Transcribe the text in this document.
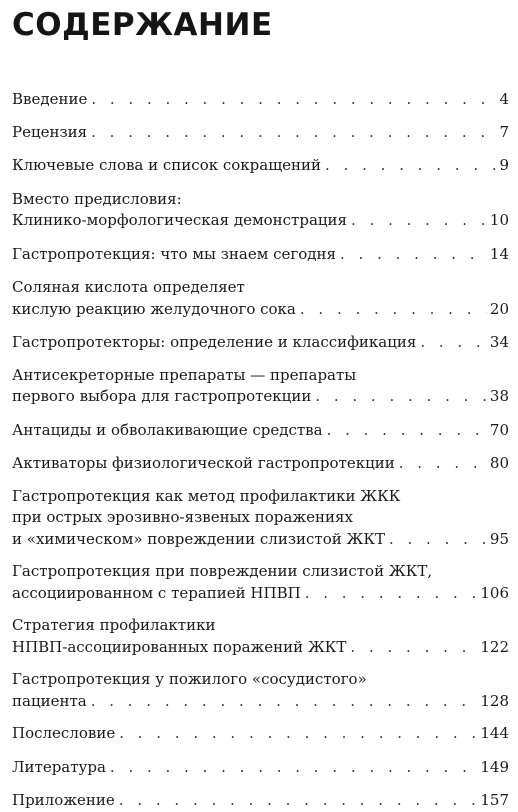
СОДЕРЖАНИЕ
Введение . . .	4
Рецензия . . .	7
Ключевые слова и список сокращений . . .	9
Вместо предисловия:
Клинико-морфологическая демонстрация . . .	10
Гастропротекция: что мы знаем сегодня . . .	14
Соляная кислота определяет
кислую реакцию желудочного сока . . .	20
Гастропротекторы: определение и классификация . . .	34
Антисекреторные препараты — препараты
первого выбора для гастропротекции . . .	38
Антациды и обволакивающие средства . . .	70
Активаторы физиологической гастропротекции . . .	80
Гастропротекция как метод профилактики ЖКК
при острых эрозивно-язвеных поражениях
и «химическом» повреждении слизистой ЖКТ . . .	95
Гастропротекция при повреждении слизистой ЖКТ,
ассоциированном с терапией НПВП . . .	106
Стратегия профилактики
НПВП-ассоциированных поражений ЖКТ . . .	122
Гастропротекция у пожилого «сосудистого»
пациента . . .	128
Послесловие . . .	144
Литература . . .	149
Приложение . . .	157
